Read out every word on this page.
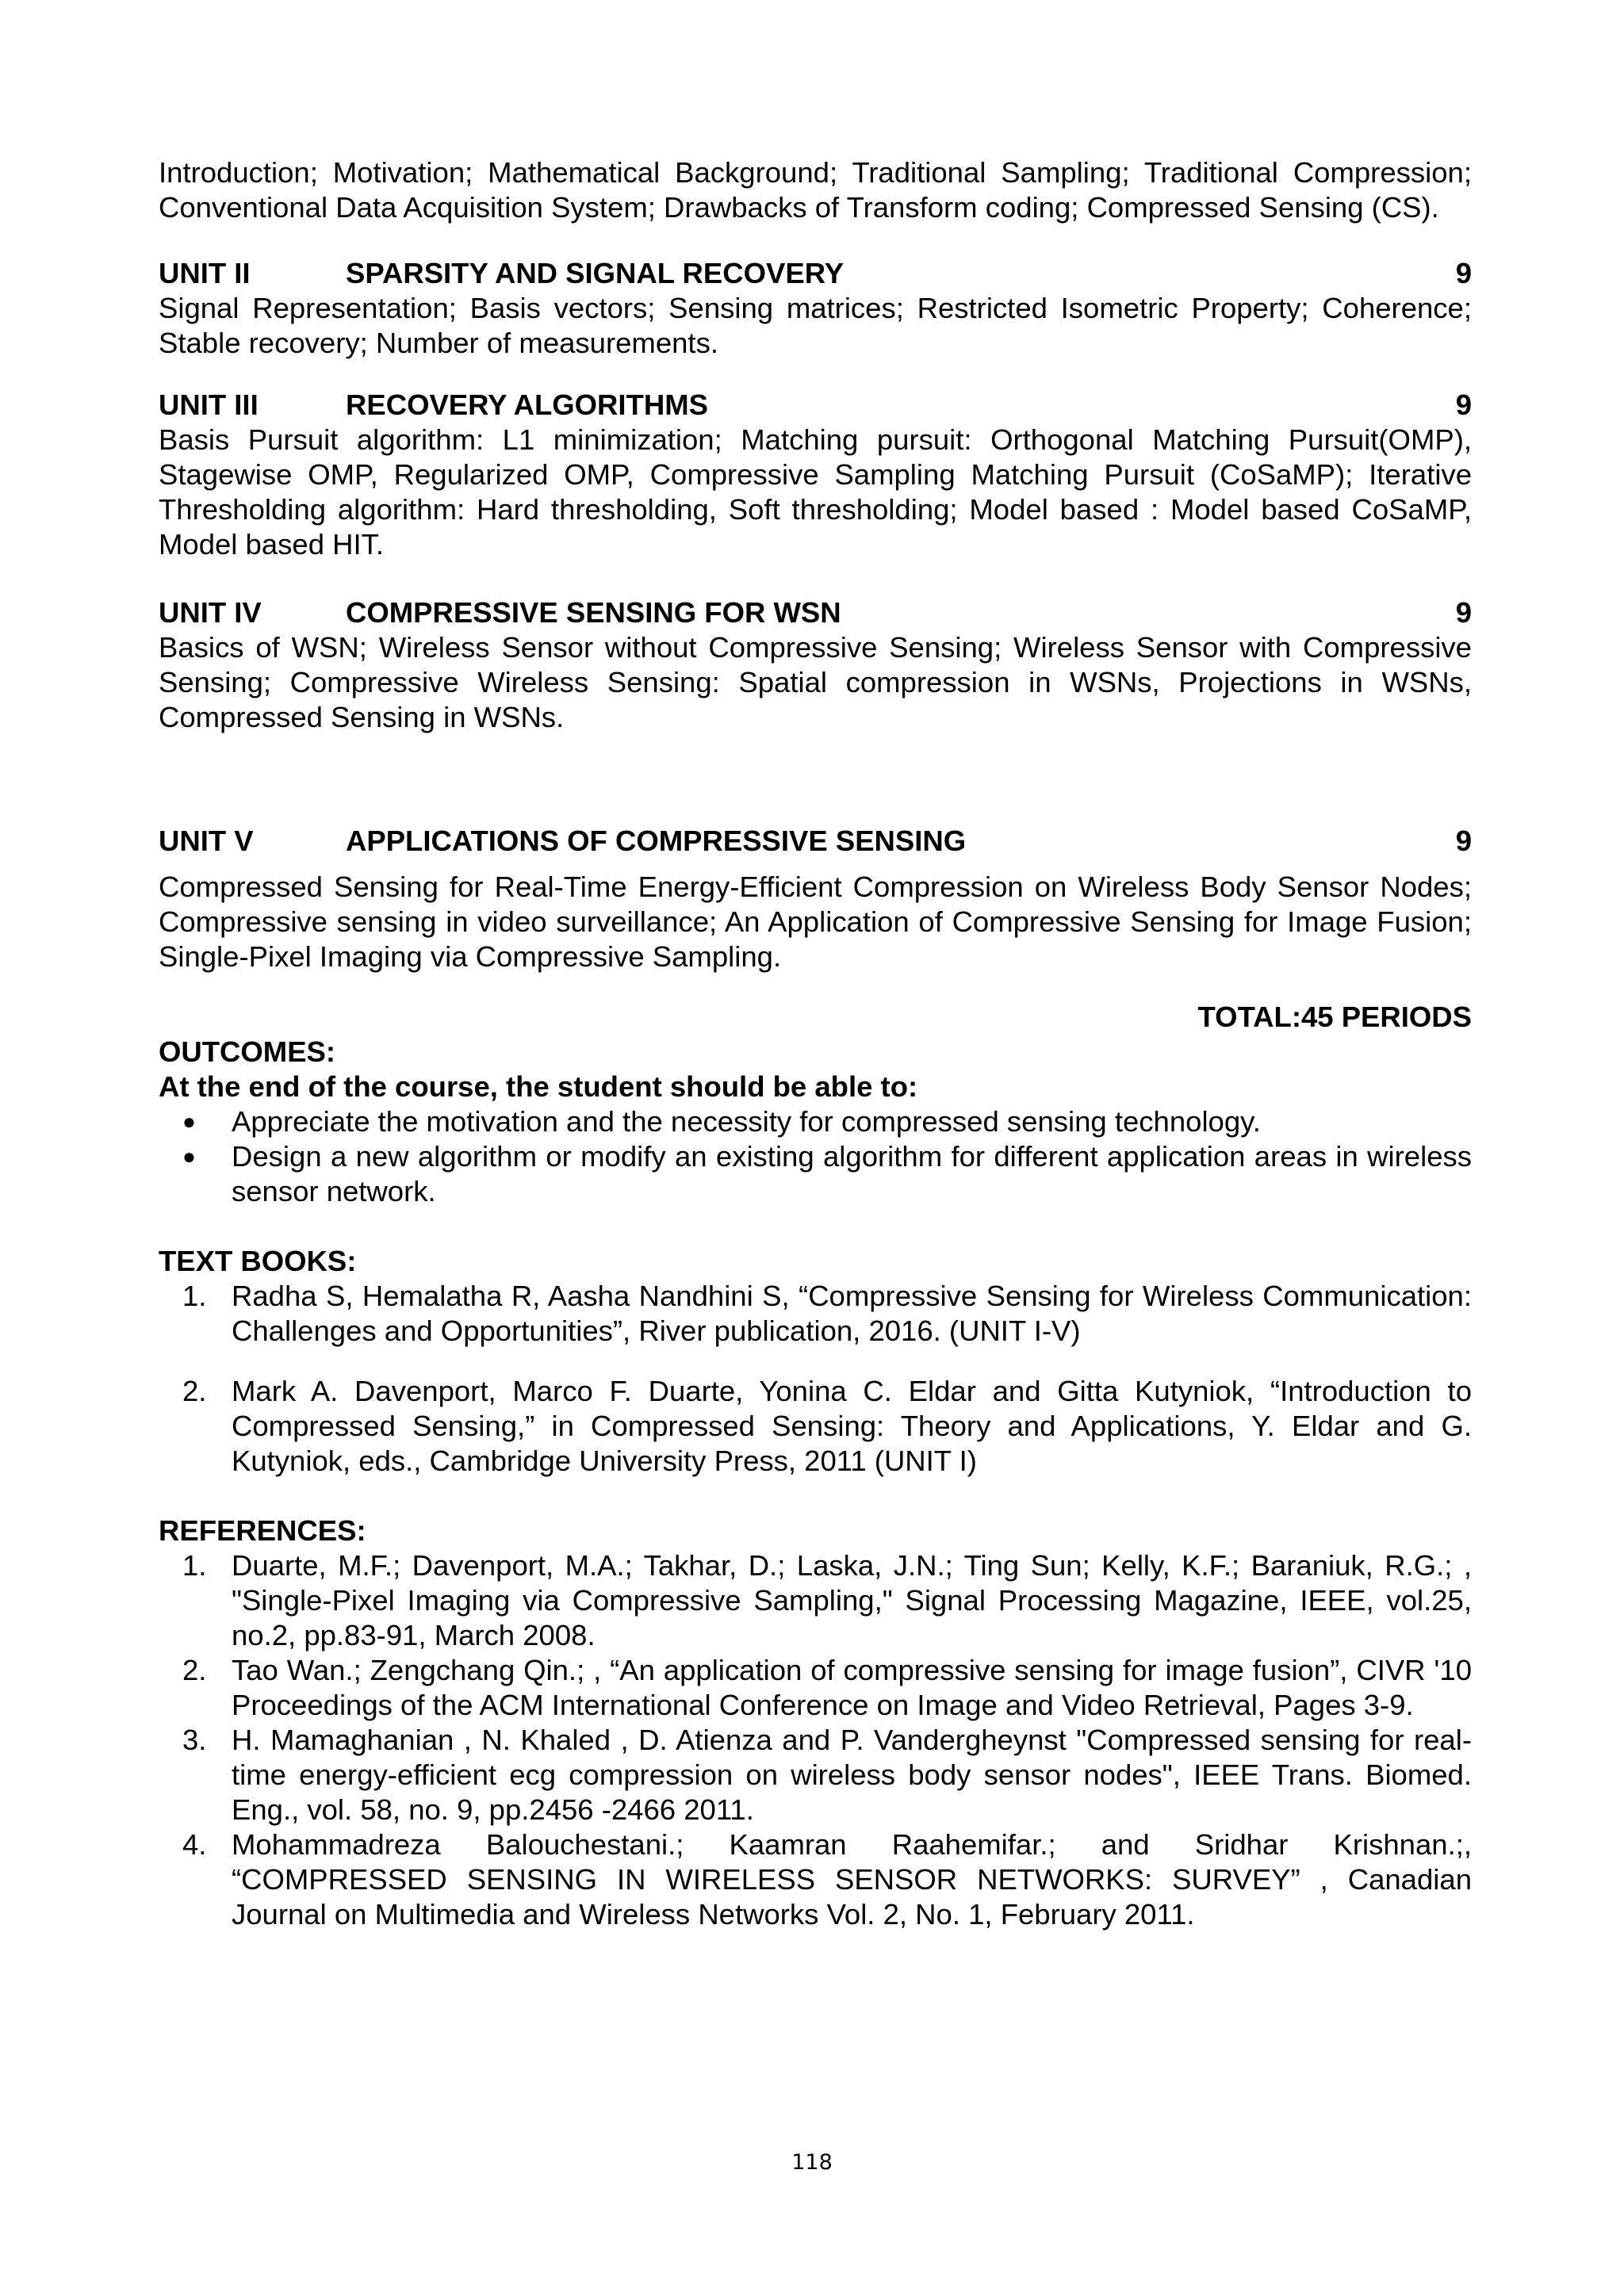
Introduction; Motivation; Mathematical Background; Traditional Sampling; Traditional Compression; Conventional Data Acquisition System; Drawbacks of Transform coding; Compressed Sensing (CS).

UNIT II	SPARSITY AND SIGNAL RECOVERY	9

Signal Representation; Basis vectors; Sensing matrices; Restricted Isometric Property; Coherence; Stable recovery; Number of measurements.

UNIT III	RECOVERY ALGORITHMS	9

Basis Pursuit algorithm: L1 minimization; Matching pursuit: Orthogonal Matching Pursuit(OMP), Stagewise OMP, Regularized OMP, Compressive Sampling Matching Pursuit (CoSaMP); Iterative Thresholding algorithm: Hard thresholding, Soft thresholding; Model based : Model based CoSaMP, Model based HIT.

UNIT IV	COMPRESSIVE SENSING FOR WSN	9

Basics of WSN; Wireless Sensor without Compressive Sensing; Wireless Sensor with Compressive Sensing; Compressive Wireless Sensing: Spatial compression in WSNs, Projections in WSNs, Compressed Sensing in WSNs.

UNIT V	APPLICATIONS OF COMPRESSIVE SENSING	9

Compressed Sensing for Real-Time Energy-Efficient Compression on Wireless Body Sensor Nodes; Compressive sensing in video surveillance; An Application of Compressive Sensing for Image Fusion; Single-Pixel Imaging via Compressive Sampling.

TOTAL:45 PERIODS

OUTCOMES:

At the end of the course, the student should be able to:

●	Appreciate the motivation and the necessity for compressed sensing technology.
●	Design a new algorithm or modify an existing algorithm for different application areas in wireless sensor network.

TEXT BOOKS:

1. Radha S, Hemalatha R, Aasha Nandhini S, “Compressive Sensing for Wireless Communication: Challenges and Opportunities”, River publication, 2016. (UNIT I-V)
2. Mark A. Davenport, Marco F. Duarte, Yonina C. Eldar and Gitta Kutyniok, “Introduction to Compressed Sensing,” in Compressed Sensing: Theory and Applications, Y. Eldar and G. Kutyniok, eds., Cambridge University Press, 2011 (UNIT I)

REFERENCES:

1. Duarte, M.F.; Davenport, M.A.; Takhar, D.; Laska, J.N.; Ting Sun; Kelly, K.F.; Baraniuk, R.G.; , "Single-Pixel Imaging via Compressive Sampling," Signal Processing Magazine, IEEE, vol.25, no.2, pp.83-91, March 2008.
2. Tao Wan.; Zengchang Qin.; , “An application of compressive sensing for image fusion”, CIVR '10 Proceedings of the ACM International Conference on Image and Video Retrieval, Pages 3-9.
3. H. Mamaghanian , N. Khaled , D. Atienza and P. Vandergheynst "Compressed sensing for real-time energy-efficient ecg compression on wireless body sensor nodes", IEEE Trans. Biomed. Eng., vol. 58, no. 9, pp.2456 -2466 2011.
4. Mohammadreza Balouchestani.; Kaamran Raahemifar.; and Sridhar Krishnan.;, “COMPRESSED SENSING IN WIRELESS SENSOR NETWORKS: SURVEY” , Canadian Journal on Multimedia and Wireless Networks Vol. 2, No. 1, February 2011.
118
